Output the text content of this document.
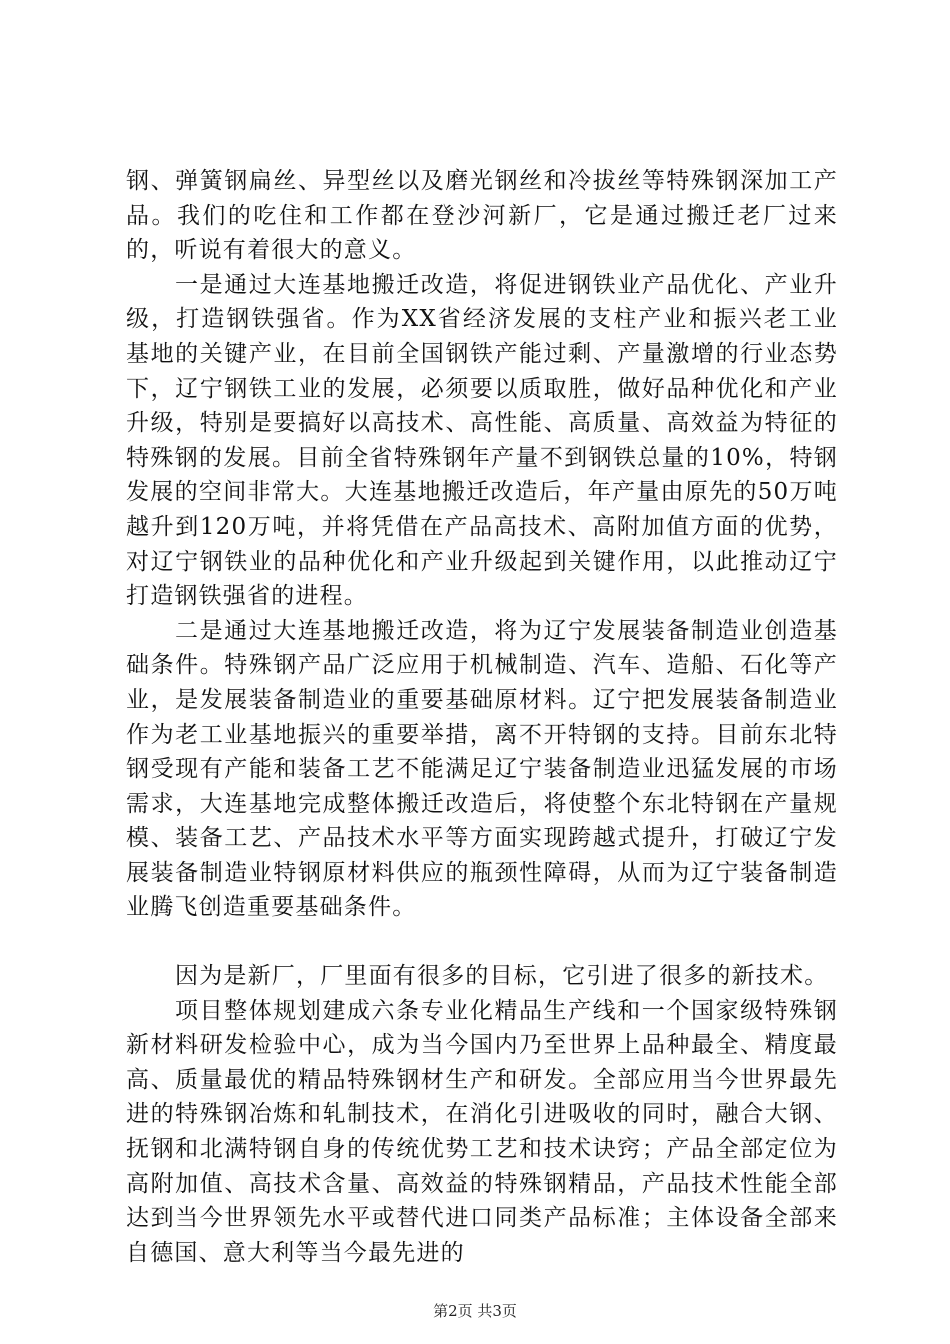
钢、弹簧钢扁丝、异型丝以及磨光钢丝和冷拔丝等特殊钢深加工产品。我们的吃住和工作都在登沙河新厂，它是通过搬迁老厂过来的，听说有着很大的意义。

一是通过大连基地搬迁改造，将促进钢铁业产品优化、产业升级，打造钢铁强省。作为XX省经济发展的支柱产业和振兴老工业基地的关键产业，在目前全国钢铁产能过剩、产量激增的行业态势下，辽宁钢铁工业的发展，必须要以质取胜，做好品种优化和产业升级，特别是要搞好以高技术、高性能、高质量、高效益为特征的特殊钢的发展。目前全省特殊钢年产量不到钢铁总量的10%，特钢发展的空间非常大。大连基地搬迁改造后，年产量由原先的50万吨越升到120万吨，并将凭借在产品高技术、高附加值方面的优势，对辽宁钢铁业的品种优化和产业升级起到关键作用，以此推动辽宁打造钢铁强省的进程。

二是通过大连基地搬迁改造，将为辽宁发展装备制造业创造基础条件。特殊钢产品广泛应用于机械制造、汽车、造船、石化等产业，是发展装备制造业的重要基础原材料。辽宁把发展装备制造业作为老工业基地振兴的重要举措，离不开特钢的支持。目前东北特钢受现有产能和装备工艺不能满足辽宁装备制造业迅猛发展的市场需求，大连基地完成整体搬迁改造后，将使整个东北特钢在产量规模、装备工艺、产品技术水平等方面实现跨越式提升，打破辽宁发展装备制造业特钢原材料供应的瓶颈性障碍，从而为辽宁装备制造业腾飞创造重要基础条件。

因为是新厂，厂里面有很多的目标，它引进了很多的新技术。

项目整体规划建成六条专业化精品生产线和一个国家级特殊钢新材料研发检验中心，成为当今国内乃至世界上品种最全、精度最高、质量最优的精品特殊钢材生产和研发。全部应用当今世界最先进的特殊钢冶炼和轧制技术，在消化引进吸收的同时，融合大钢、抚钢和北满特钢自身的传统优势工艺和技术诀窍；产品全部定位为高附加值、高技术含量、高效益的特殊钢精品，产品技术性能全部达到当今世界领先水平或替代进口同类产品标准；主体设备全部来自德国、意大利等当今最先进的

第2页 共3页
